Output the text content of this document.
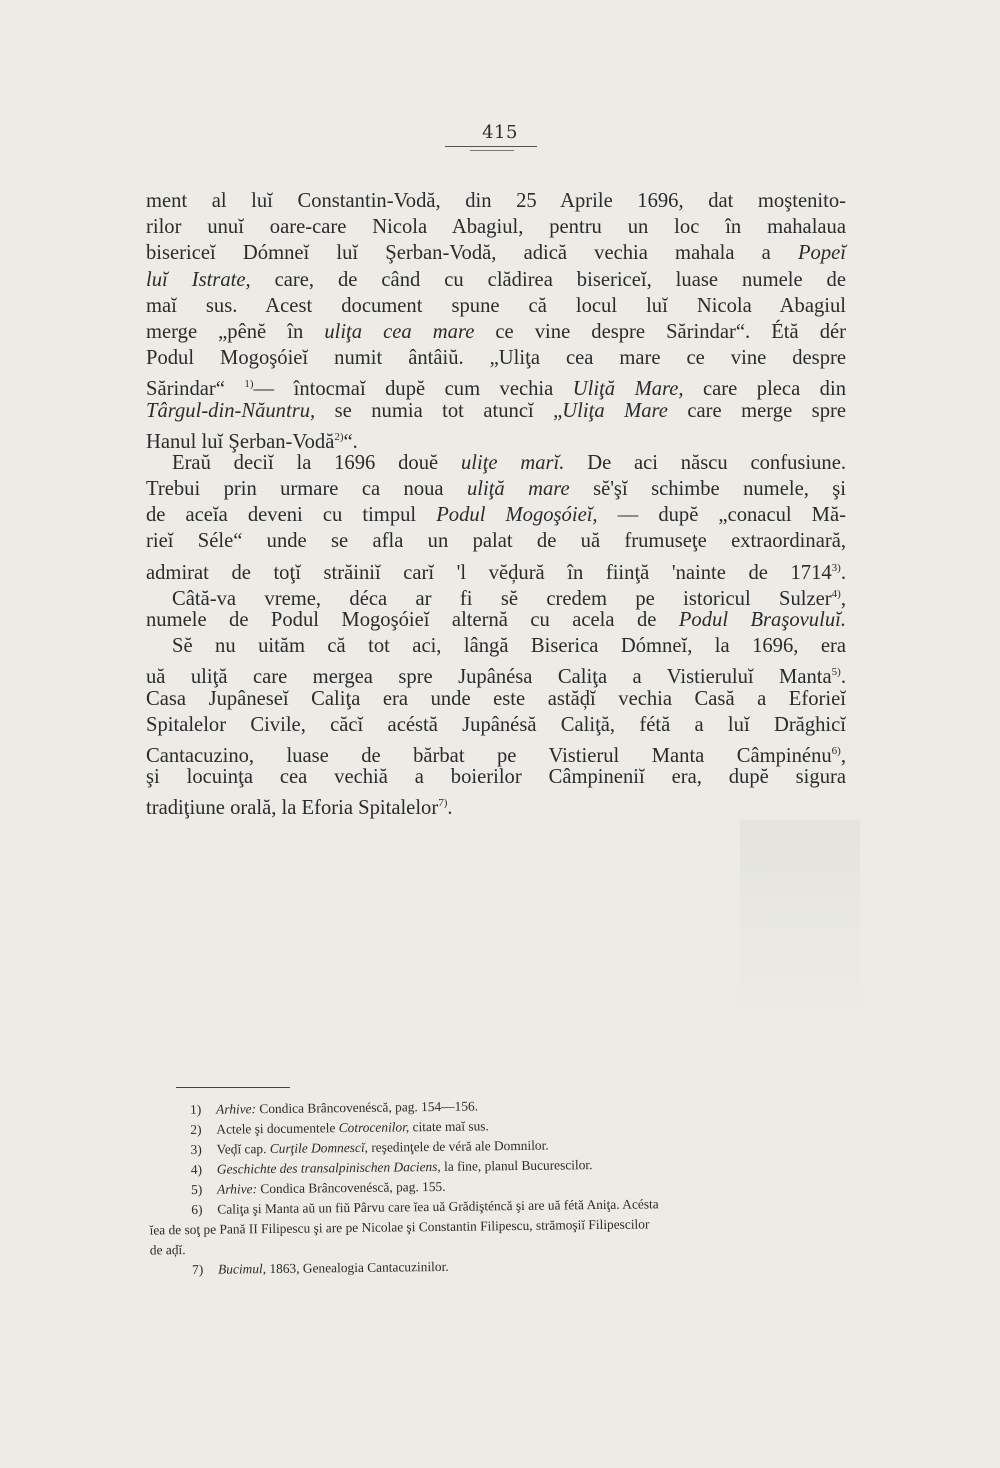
415
ment al luĭ Constantin-Vodă, din 25 Aprile 1696, dat moştenito-
rilor unuĭ oare-care Nicola Abagiul, pentru un loc în mahalaua
bisericeĭ Dómneĭ luĭ Şerban-Vodă, adică vechia mahala a Popeĭ
luĭ Istrate, care, de când cu clădirea bisericeĭ, luase numele de
maĭ sus. Acest document spune că locul luĭ Nicola Abagiul
merge „pênĕ în uliţa cea mare ce vine despre Sărindar“. Étă dér
Podul Mogoşóieĭ numit ântâiŭ. „Uliţa cea mare ce vine despre
Sărindar“ $^{1)}$— întocmaĭ dupĕ cum vechia Uliţă Mare, care pleca din
Târgul-din-Năuntru, se numia tot atuncĭ „Uliţa Mare care merge spre
Hanul luĭ Şerban-Vodă$^{2)}$“.
Eraŭ deciĭ la 1696 douĕ uliţe marĭ. De aci născu confusiune.
Trebui prin urmare ca noua uliţă mare sĕ'şĭ schimbe numele, şi
de aceĭa deveni cu timpul Podul Mogoşóieĭ, — dupĕ „conacul Mă-
rieĭ Séle“ unde se afla un palat de uă frumuseţe extraordinară,
admirat de toţĭ străiniĭ carĭ 'l vĕḑură în fiinţă 'nainte de 1714$^{3)}$.
Câtă-va vreme, déca ar fi sĕ credem pe istoricul Sulzer$^{4)}$,
numele de Podul Mogoşóieĭ alternă cu acela de Podul Braşovuluĭ.
Sĕ nu uităm că tot aci, lângă Biserica Dómneĭ, la 1696, era
uă uliţă care mergea spre Jupânésa Caliţa a Vistieruluĭ Manta$^{5)}$.
Casa Jupâneseĭ Caliţa era unde este astăḑĭ vechia Casă a Eforieĭ
Spitalelor Civile, căcĭ acéstă Jupânésă Caliţă, fétă a luĭ Drăghicĭ
Cantacuzino, luase de bărbat pe Vistierul Manta Câmpinénu$^{6)}$,
şi locuinţa cea vechiă a boierilor Câmpineniĭ era, dupĕ sigura
tradiţiune orală, la Eforia Spitalelor$^{7)}$.
1) Arhive: Condica Brâncovenéscă, pag. 154—156.
2) Actele şi documentele Cotrocenilor, citate maĭ sus.
3) Veḑĭ cap. Curţile Domnescĭ, reşedinţele de véră ale Domnilor.
4) Geschichte des transalpinischen Daciens, la fine, planul Bucurescilor.
5) Arhive: Condica Brâncovenéscă, pag. 155.
6) Caliţa şi Manta aŭ un fiŭ Pârvu care ĭea uă Grădişténcă şi are uă fétă Aniţa. Acésta
ĭea de soţ pe Pană II Filipescu şi are pe Nicolae şi Constantin Filipescu, strămoşiĭ Filipescilor
de aḑĭ.
7) Bucimul, 1863, Genealogia Cantacuzinilor.
